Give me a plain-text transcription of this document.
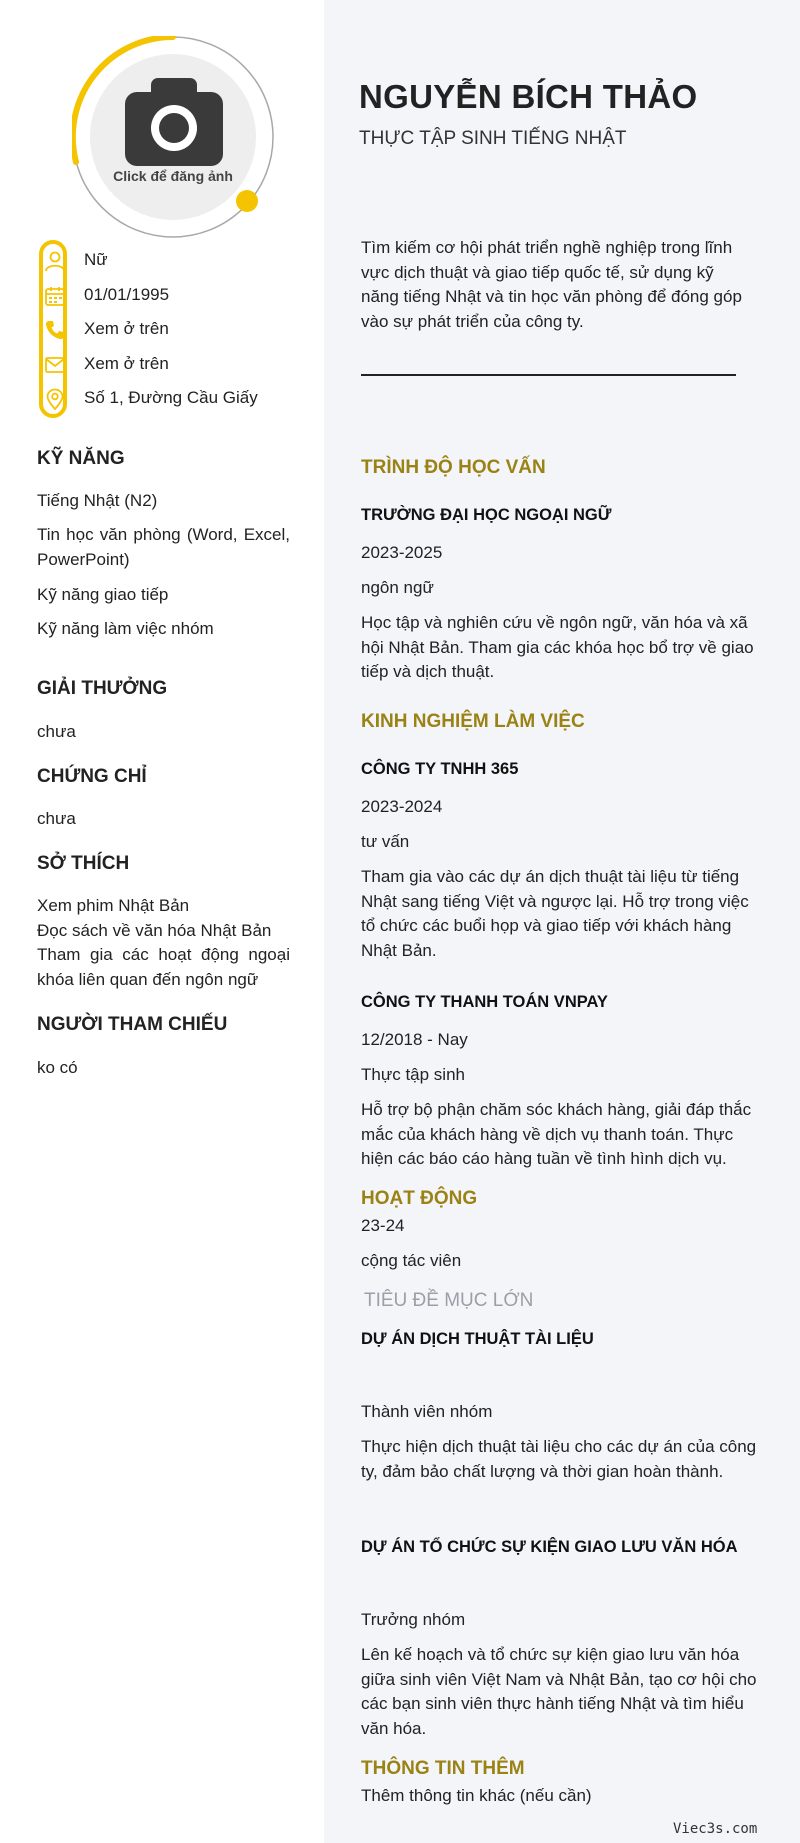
Click để đăng ảnh
Nữ
01/01/1995
Xem ở trên
Xem ở trên
Số 1, Đường Cầu Giấy
KỸ NĂNG
Tiếng Nhật (N2)
Tin học văn phòng (Word, Excel, PowerPoint)
Kỹ năng giao tiếp
Kỹ năng làm việc nhóm
GIẢI THƯỞNG
chưa
CHỨNG CHỈ
chưa
SỞ THÍCH
Xem phim Nhật Bản
Đọc sách về văn hóa Nhật Bản
Tham gia các hoạt động ngoại khóa liên quan đến ngôn ngữ
NGƯỜI THAM CHIẾU
ko có
NGUYỄN BÍCH THẢO
THỰC TẬP SINH TIẾNG NHẬT
Tìm kiếm cơ hội phát triển nghề nghiệp trong lĩnh vực dịch thuật và giao tiếp quốc tế, sử dụng kỹ năng tiếng Nhật và tin học văn phòng để đóng góp vào sự phát triển của công ty.
TRÌNH ĐỘ HỌC VẤN
TRƯỜNG ĐẠI HỌC NGOẠI NGỮ
2023-2025
ngôn ngữ
Học tập và nghiên cứu về ngôn ngữ, văn hóa và xã hội Nhật Bản. Tham gia các khóa học bổ trợ về giao tiếp và dịch thuật.
KINH NGHIỆM LÀM VIỆC
CÔNG TY TNHH 365
2023-2024
tư vấn
Tham gia vào các dự án dịch thuật tài liệu từ tiếng Nhật sang tiếng Việt và ngược lại. Hỗ trợ trong việc tổ chức các buổi họp và giao tiếp với khách hàng Nhật Bản.
CÔNG TY THANH TOÁN VNPAY
12/2018 - Nay
Thực tập sinh
Hỗ trợ bộ phận chăm sóc khách hàng, giải đáp thắc mắc của khách hàng về dịch vụ thanh toán. Thực hiện các báo cáo hàng tuần về tình hình dịch vụ.
HOẠT ĐỘNG
23-24
cộng tác viên
TIÊU ĐỀ MỤC LỚN
DỰ ÁN DỊCH THUẬT TÀI LIỆU
Thành viên nhóm
Thực hiện dịch thuật tài liệu cho các dự án của công ty, đảm bảo chất lượng và thời gian hoàn thành.
DỰ ÁN TỔ CHỨC SỰ KIỆN GIAO LƯU VĂN HÓA
Trưởng nhóm
Lên kế hoạch và tổ chức sự kiện giao lưu văn hóa giữa sinh viên Việt Nam và Nhật Bản, tạo cơ hội cho các bạn sinh viên thực hành tiếng Nhật và tìm hiểu văn hóa.
THÔNG TIN THÊM
Thêm thông tin khác (nếu cần)
Viec3s.com
